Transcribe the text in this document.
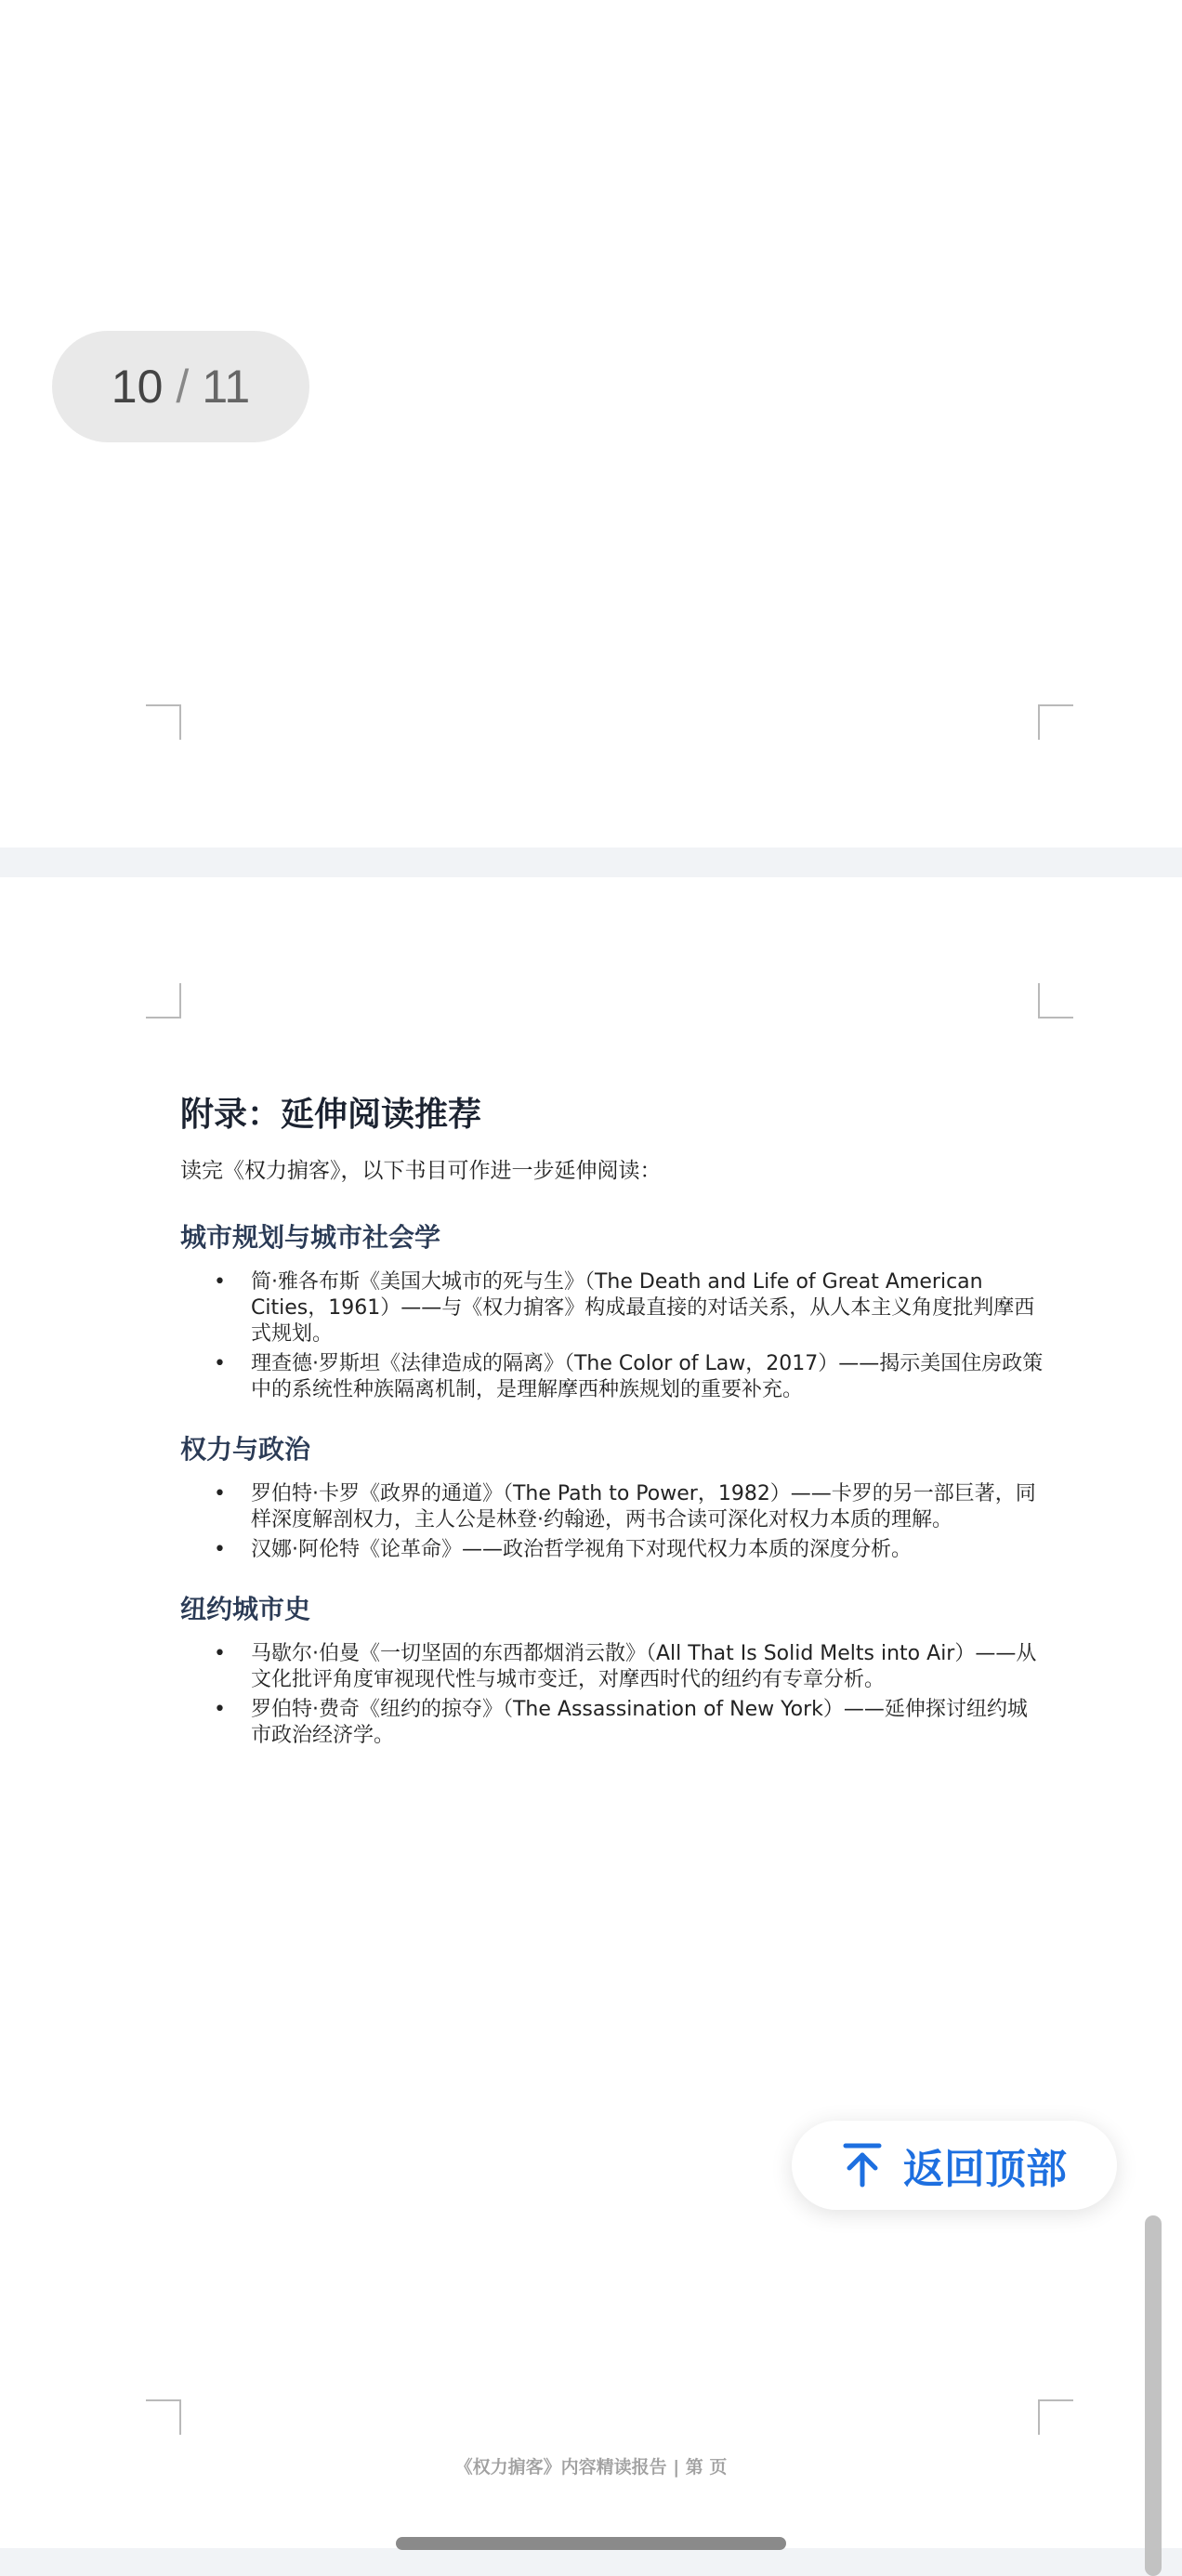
10 / 11
附录：延伸阅读推荐

读完《权力掮客》，以下书目可作进一步延伸阅读：

城市规划与城市社会学
• 简·雅各布斯《美国大城市的死与生》（The Death and Life of Great American Cities，1961）——与《权力掮客》构成最直接的对话关系，从人本主义角度批判摩西式规划。
• 理查德·罗斯坦《法律造成的隔离》（The Color of Law，2017）——揭示美国住房政策中的系统性种族隔离机制，是理解摩西种族规划的重要补充。
权力与政治
• 罗伯特·卡罗《政界的通道》（The Path to Power，1982）——卡罗的另一部巨著，同样深度解剖权力，主人公是林登·约翰逊，两书合读可深化对权力本质的理解。
• 汉娜·阿伦特《论革命》——政治哲学视角下对现代权力本质的深度分析。
纽约城市史
• 马歇尔·伯曼《一切坚固的东西都烟消云散》（All That Is Solid Melts into Air）——从文化批评角度审视现代性与城市变迁，对摩西时代的纽约有专章分析。
• 罗伯特·费奇《纽约的掠夺》（The Assassination of New York）——延伸探讨纽约城市政治经济学。
返回顶部
《权力掮客》内容精读报告 | 第 页
